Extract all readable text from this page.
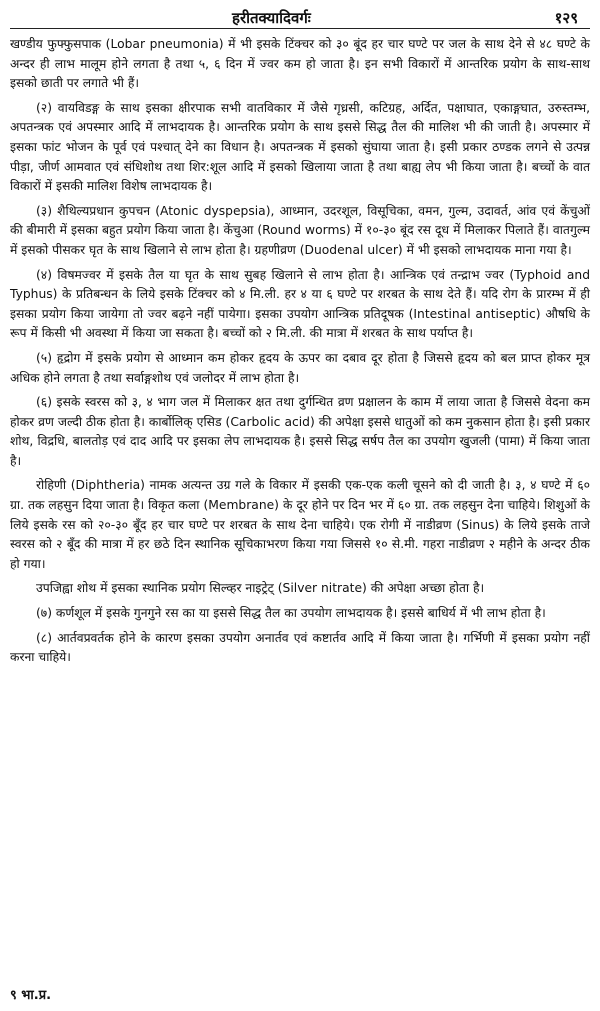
हरीतक्यादिवर्गः	१२९

खण्डीय फुफ्फुसपाक (Lobar pneumonia) में भी इसके टिंक्चर को ३० बूंद हर चार घण्टे पर जल के साथ देने से ४८ घण्टे के अन्दर ही लाभ मालूम होने लगता है तथा ५, ६ दिन में ज्वर कम हो जाता है। इन सभी विकारों में आन्तरिक प्रयोग के साथ-साथ इसको छाती पर लगाते भी हैं।

(२) वायविडङ्ग के साथ इसका क्षीरपाक सभी वातविकार में जैसे गृध्रसी, कटिग्रह, अर्दित, पक्षाघात, एकाङ्गघात, उरुस्तम्भ, अपतन्त्रक एवं अपस्मार आदि में लाभदायक है। आन्तरिक प्रयोग के साथ इससे सिद्ध तैल की मालिश भी की जाती है। अपस्मार में इसका फांट भोजन के पूर्व एवं पश्चात् देने का विधान है। अपतन्त्रक में इसको सुंघाया जाता है। इसी प्रकार ठण्डक लगने से उत्पन्न पीड़ा, जीर्ण आमवात एवं संधिशोथ तथा शिर:शूल आदि में इसको खिलाया जाता है तथा बाह्य लेप भी किया जाता है। बच्चों के वात विकारों में इसकी मालिश विशेष लाभदायक है।

(३) शैथिल्यप्रधान कुपचन (Atonic dyspepsia), आध्मान, उदरशूल, विसूचिका, वमन, गुल्म, उदावर्त, आंव एवं केंचुओं की बीमारी में इसका बहुत प्रयोग किया जाता है। केंचुआ (Round worms) में १०-३० बूंद रस दूध में मिलाकर पिलाते हैं। वातगुल्म में इसको पीसकर घृत के साथ खिलाने से लाभ होता है। ग्रहणीव्रण (Duodenal ulcer) में भी इसको लाभदायक माना गया है।

(४) विषमज्वर में इसके तैल या घृत के साथ सुबह खिलाने से लाभ होता है। आन्त्रिक एवं तन्द्राभ ज्वर (Typhoid and Typhus) के प्रतिबन्धन के लिये इसके टिंक्चर को ४ मि.ली. हर ४ या ६ घण्टे पर शरबत के साथ देते हैं। यदि रोग के प्रारम्भ में ही इसका प्रयोग किया जायेगा तो ज्वर बढ़ने नहीं पायेगा। इसका उपयोग आन्त्रिक प्रतिदूषक (Intestinal antiseptic) औषधि के रूप में किसी भी अवस्था में किया जा सकता है। बच्चों को २ मि.ली. की मात्रा में शरबत के साथ पर्याप्त है।

(५) हृद्रोग में इसके प्रयोग से आध्मान कम होकर हृदय के ऊपर का दबाव दूर होता है जिससे हृदय को बल प्राप्त होकर मूत्र अधिक होने लगता है तथा सर्वाङ्गशोथ एवं जलोदर में लाभ होता है।

(६) इसके स्वरस को ३, ४ भाग जल में मिलाकर क्षत तथा दुर्गन्धित व्रण प्रक्षालन के काम में लाया जाता है जिससे वेदना कम होकर व्रण जल्दी ठीक होता है। कार्बोलिक् एसिड (Carbolic acid) की अपेक्षा इससे धातुओं को कम नुकसान होता है। इसी प्रकार शोथ, विद्रधि, बालतोड़ एवं दाद आदि पर इसका लेप लाभदायक है। इससे सिद्ध सर्षप तैल का उपयोग खुजली (पामा) में किया जाता है।

रोहिणी (Diphtheria) नामक अत्यन्त उग्र गले के विकार में इसकी एक-एक कली चूसने को दी जाती है। ३, ४ घण्टे में ६० ग्रा. तक लहसुन दिया जाता है। विकृत कला (Membrane) के दूर होने पर दिन भर में ६० ग्रा. तक लहसुन देना चाहिये। शिशुओं के लिये इसके रस को २०-३० बूँद हर चार घण्टे पर शरबत के साथ देना चाहिये। एक रोगी में नाडीव्रण (Sinus) के लिये इसके ताजे स्वरस को २ बूँद की मात्रा में हर छठे दिन स्थानिक सूचिकाभरण किया गया जिससे १० से.मी. गहरा नाडीव्रण २ महीने के अन्दर ठीक हो गया।

उपजिह्वा शोथ में इसका स्थानिक प्रयोग सिल्व्हर नाइट्रेट् (Silver nitrate) की अपेक्षा अच्छा होता है।

(७) कर्णशूल में इसके गुनगुने रस का या इससे सिद्ध तैल का उपयोग लाभदायक है। इससे बाधिर्य में भी लाभ होता है।

(८) आर्तवप्रवर्तक होने के कारण इसका उपयोग अनार्तव एवं कष्टार्तव आदि में किया जाता है। गर्भिणी में इसका प्रयोग नहीं करना चाहिये।

९ भा.प्र.
